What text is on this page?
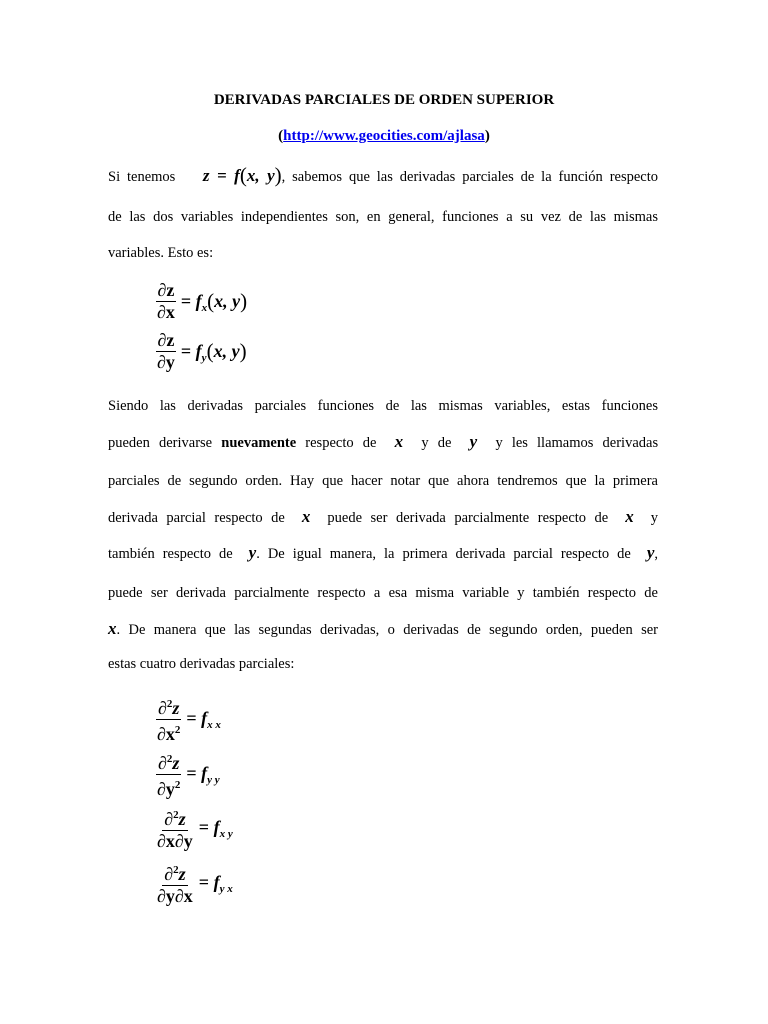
DERIVADAS PARCIALES DE ORDEN SUPERIOR
(http://www.geocities.com/ajlasa)
Si tenemos z = f(x, y), sabemos que las derivadas parciales de la función respecto
de las dos variables independientes son, en general, funciones a su vez de las mismas
variables. Esto es:
$\frac{\partial z}{\partial x} = f_x(x$, y)
$\frac{\partial z}{\partial y} = f_y(x$, y)
Siendo las derivadas parciales funciones de las mismas variables, estas funciones
pueden derivarse nuevamente respecto de x y de y y les llamamos derivadas
parciales de segundo orden. Hay que hacer notar que ahora tendremos que la primera
derivada parcial respecto de x puede ser derivada parcialmente respecto de x y
también respecto de y. De igual manera, la primera derivada parcial respecto de y,
puede ser derivada parcialmente respecto a esa misma variable y también respecto de
x. De manera que las segundas derivadas, o derivadas de segundo orden, pueden ser
estas cuatro derivadas parciales:
$\frac{\partial^2z}{\partial x^2} = f_{x x}$
$\frac{\partial^2z}{\partial y^2} = f_{y y}$
$\frac{\partial^2z}{\partial x\partial y} = f_{x y}$
$\frac{\partial^2z}{\partial y\partial x} = f_{y x}$
